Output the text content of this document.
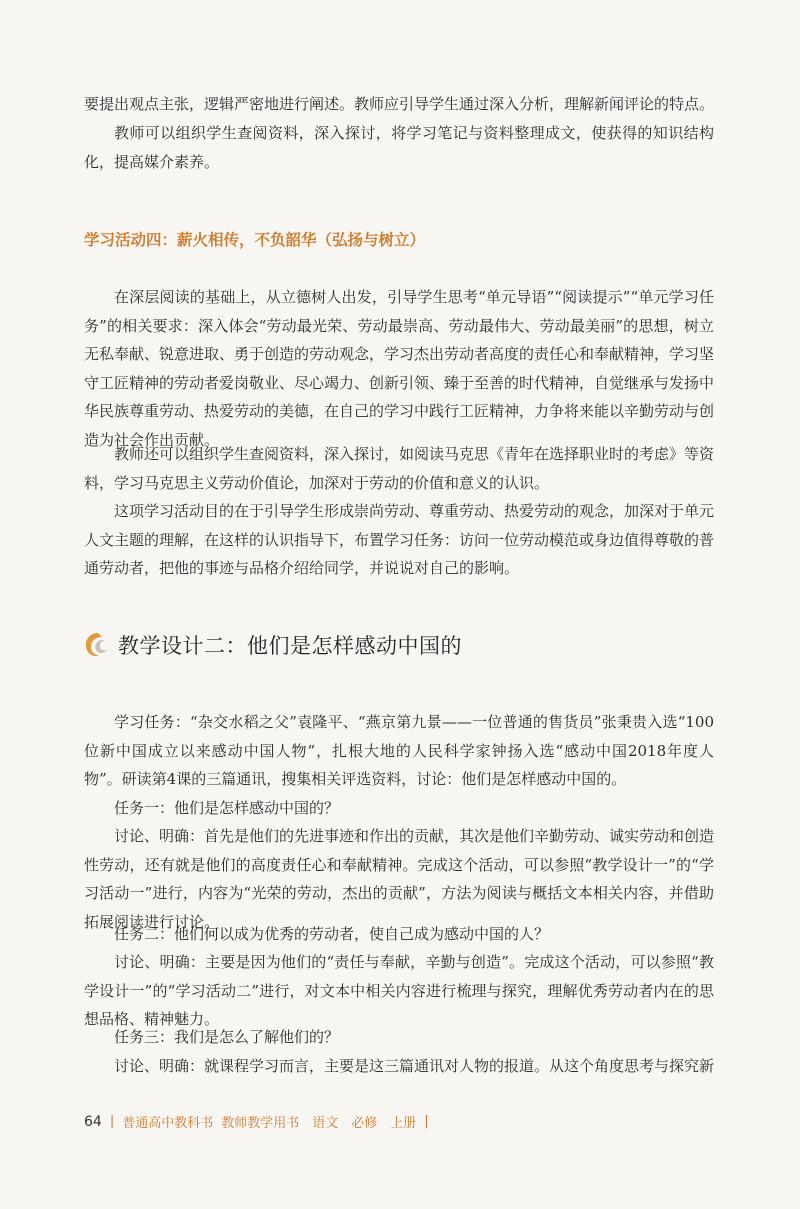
要提出观点主张，逻辑严密地进行阐述。教师应引导学生通过深入分析，理解新闻评论的特点。

教师可以组织学生查阅资料，深入探讨，将学习笔记与资料整理成文，使获得的知识结构化，提高媒介素养。

学习活动四：薪火相传，不负韶华（弘扬与树立）

在深层阅读的基础上，从立德树人出发，引导学生思考“单元导语”“阅读提示”“单元学习任务”的相关要求：深入体会“劳动最光荣、劳动最崇高、劳动最伟大、劳动最美丽”的思想，树立无私奉献、锐意进取、勇于创造的劳动观念，学习杰出劳动者高度的责任心和奉献精神，学习坚守工匠精神的劳动者爱岗敬业、尽心竭力、创新引领、臻于至善的时代精神，自觉继承与发扬中华民族尊重劳动、热爱劳动的美德，在自己的学习中践行工匠精神，力争将来能以辛勤劳动与创造为社会作出贡献。

教师还可以组织学生查阅资料，深入探讨，如阅读马克思《青年在选择职业时的考虑》等资料，学习马克思主义劳动价值论，加深对于劳动的价值和意义的认识。

这项学习活动目的在于引导学生形成崇尚劳动、尊重劳动、热爱劳动的观念，加深对于单元人文主题的理解，在这样的认识指导下，布置学习任务：访问一位劳动模范或身边值得尊敬的普通劳动者，把他的事迹与品格介绍给同学，并说说对自己的影响。

教学设计二：他们是怎样感动中国的

学习任务：“杂交水稻之父”袁隆平、“燕京第九景——一位普通的售货员”张秉贵入选“100位新中国成立以来感动中国人物”，扎根大地的人民科学家钟扬入选“感动中国2018年度人物”。研读第4课的三篇通讯，搜集相关评选资料，讨论：他们是怎样感动中国的。

任务一：他们是怎样感动中国的？

讨论、明确：首先是他们的先进事迹和作出的贡献，其次是他们辛勤劳动、诚实劳动和创造性劳动，还有就是他们的高度责任心和奉献精神。完成这个活动，可以参照“教学设计一”的“学习活动一”进行，内容为“光荣的劳动，杰出的贡献”，方法为阅读与概括文本相关内容，并借助拓展阅读进行讨论。

任务二：他们何以成为优秀的劳动者，使自己成为感动中国的人？

讨论、明确：主要是因为他们的“责任与奉献，辛勤与创造”。完成这个活动，可以参照“教学设计一”的“学习活动二”进行，对文本中相关内容进行梳理与探究，理解优秀劳动者内在的思想品格、精神魅力。

任务三：我们是怎么了解他们的？

讨论、明确：就课程学习而言，主要是这三篇通讯对人物的报道。从这个角度思考与探究新

64 | 普通高中教科书 教师教学用书　语文　必修　上册 |
